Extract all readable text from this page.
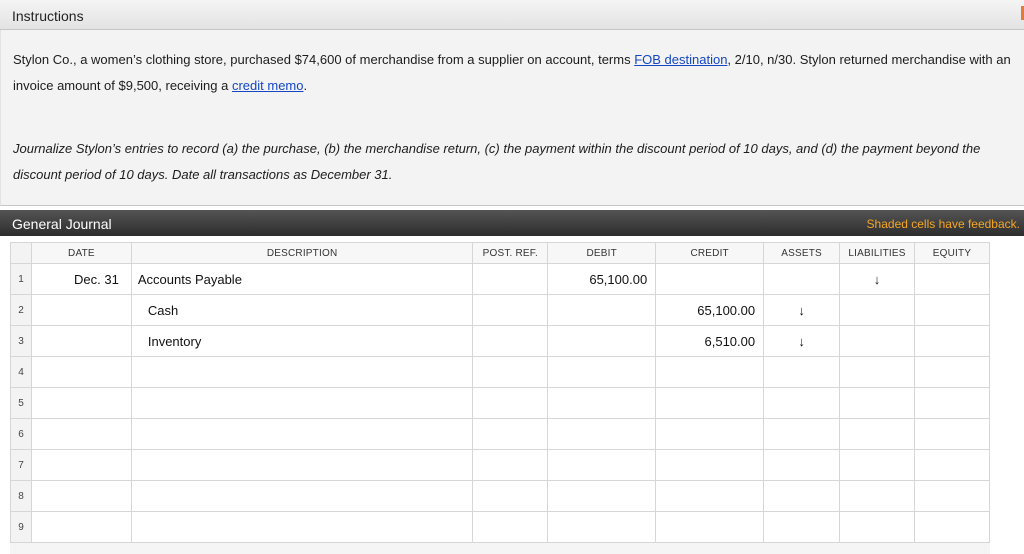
Instructions

Stylon Co., a women’s clothing store, purchased $74,600 of merchandise from a supplier on account, terms FOB destination, 2/10, n/30. Stylon returned merchandise with an invoice amount of $9,500, receiving a credit memo.

Journalize Stylon’s entries to record (a) the purchase, (b) the merchandise return, (c) the payment within the discount period of 10 days, and (d) the payment beyond the discount period of 10 days. Date all transactions as December 31.

General Journal	Shaded cells have feedback.
	DATE	DESCRIPTION	POST. REF.	DEBIT	CREDIT	ASSETS	LIABILITIES	EQUITY
1	Dec. 31	Accounts Payable		65,100.00			↓	
2		Cash			65,100.00	↓		
3		Inventory			6,510.00	↓		
4								
5								
6								
7								
8								
9								
